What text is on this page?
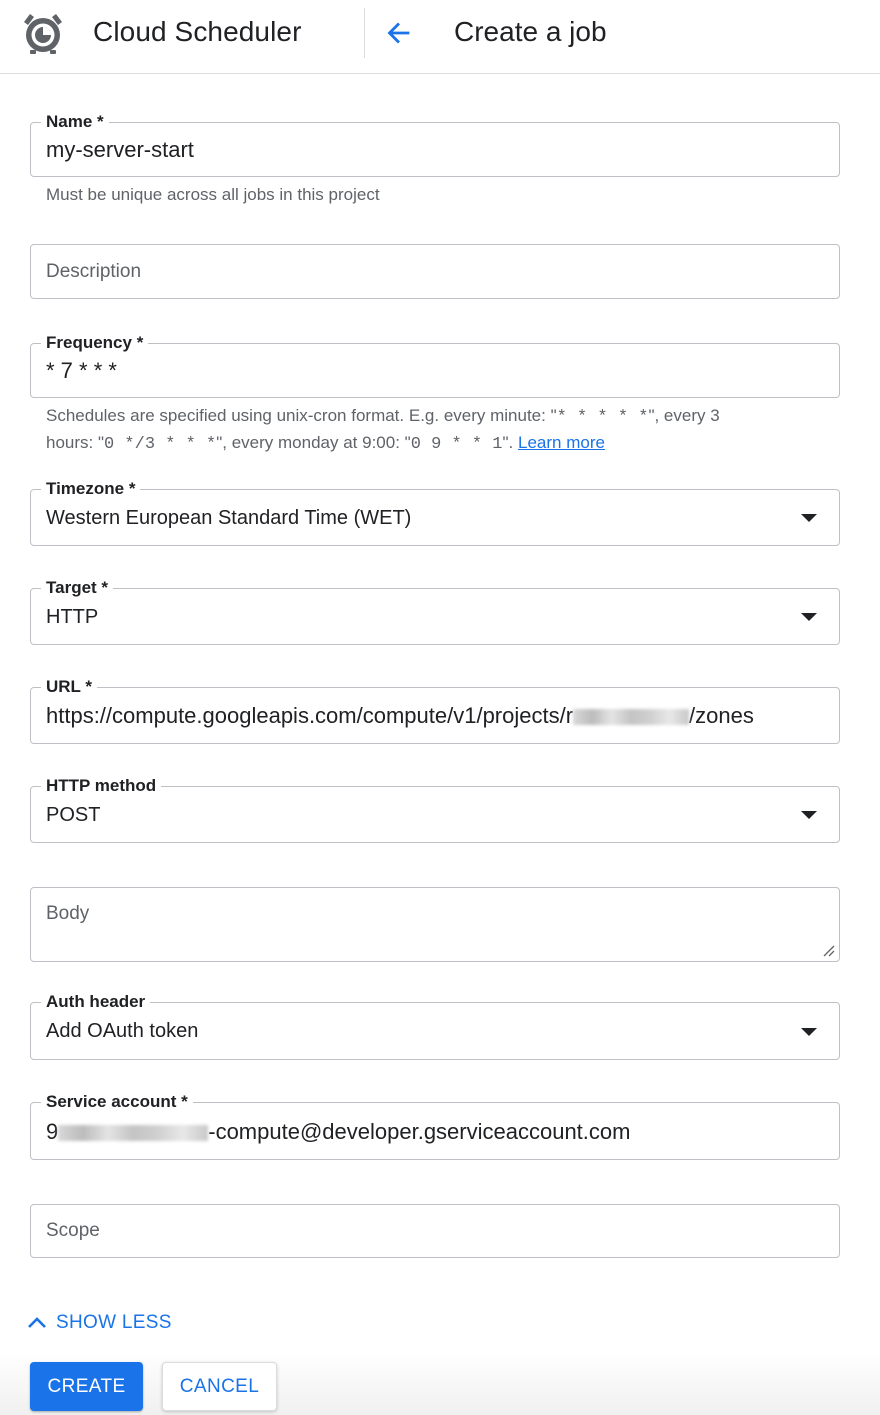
Cloud Scheduler	Create a job
Name *
my-server-start
Must be unique across all jobs in this project
Description
Frequency *
* 7 * * *
Schedules are specified using unix-cron format. E.g. every minute: "* * * * *", every 3
hours: "0 */3 * * *", every monday at 9:00: "0 9 * * 1". Learn more
Timezone *
Western European Standard Time (WET)
Target *
HTTP
URL *
https://compute.googleapis.com/compute/v1/projects/r	/zones
HTTP method
POST
Body
Auth header
Add OAuth token
Service account *
9	-compute@developer.gserviceaccount.com
Scope
SHOW LESS
CREATE	CANCEL
